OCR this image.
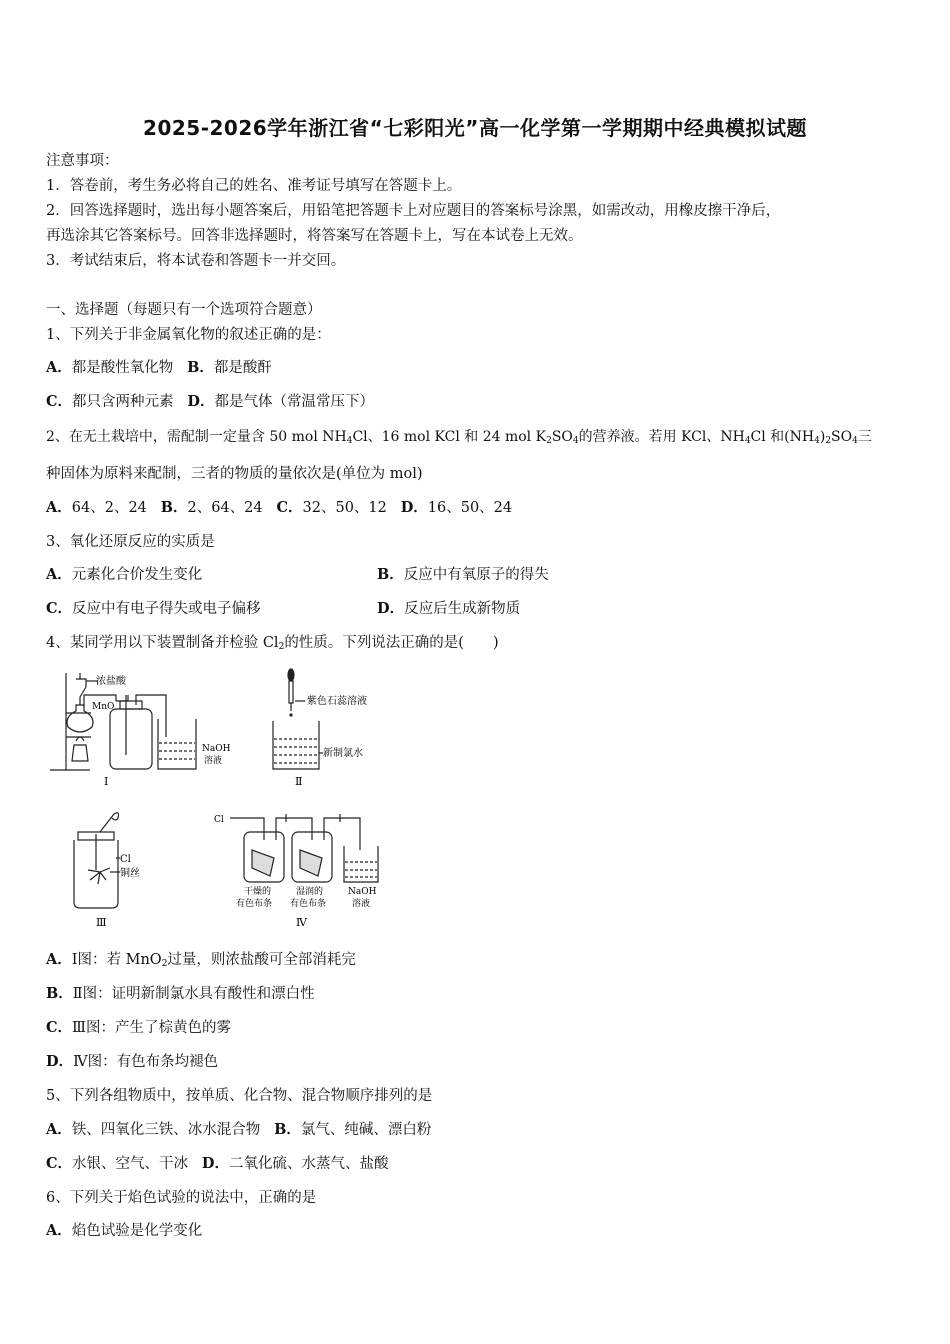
2025-2026学年浙江省“七彩阳光”高一化学第一学期期中经典模拟试题
注意事项：
1．答卷前，考生务必将自己的姓名、准考证号填写在答题卡上。
2．回答选择题时，选出每小题答案后，用铅笔把答题卡上对应题目的答案标号涂黑，如需改动，用橡皮擦干净后，
再选涂其它答案标号。回答非选择题时，将答案写在答题卡上，写在本试卷上无效。
3．考试结束后，将本试卷和答题卡一并交回。
一、选择题（每题只有一个选项符合题意）
1、下列关于非金属氧化物的叙述正确的是：
A．都是酸性氧化物 B．都是酸酐
C．都只含两种元素 D．都是气体（常温常压下）
2、在无土栽培中，需配制一定量含 50 mol $NH_4Cl$、16 mol KCl 和 24 mol $K_2SO_4$的营养液。若用 KCl、$NH_4Cl$ 和$(NH_4)_2SO_4$三
种固体为原料来配制，三者的物质的量依次是(单位为 mol)
A．64、2、24 B．2、64、24 C．32、50、12 D．16、50、24
3、氧化还原反应的实质是
A．元素化合价发生变化	B．反应中有氧原子的得失
C．反应中有电子得失或电子偏移	D．反应后生成新物质
4、某同学用以下装置制备并检验 $Cl_2$的性质。下列说法正确的是(　　)
浓盐酸
MnO
NaOH
溶液
Ⅰ
紫色石蕊溶液
新制氯水
Ⅱ
Cl
铜丝
Ⅲ
Cl
干燥的
有色布条
湿润的
有色布条
NaOH
溶液
Ⅳ
A．Ⅰ图：若 MnO$_2$过量，则浓盐酸可全部消耗完
B．Ⅱ图：证明新制氯水具有酸性和漂白性
C．Ⅲ图：产生了棕黄色的雾
D．Ⅳ图：有色布条均褪色
5、下列各组物质中，按单质、化合物、混合物顺序排列的是
A．铁、四氧化三铁、冰水混合物 B．氯气、纯碱、漂白粉
C．水银、空气、干冰 D．二氧化硫、水蒸气、盐酸
6、下列关于焰色试验的说法中，正确的是
A．焰色试验是化学变化
